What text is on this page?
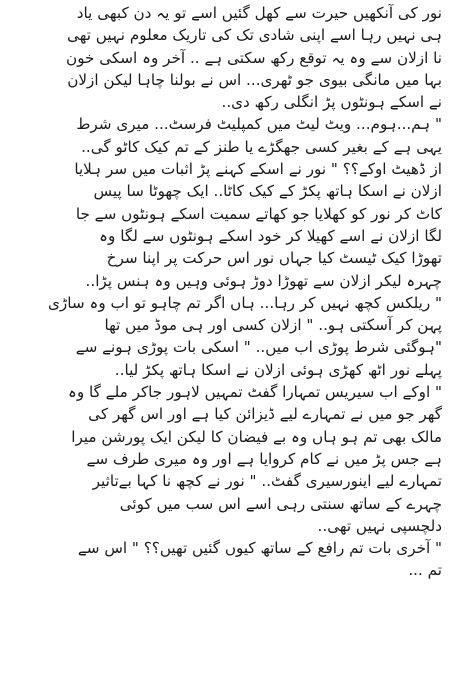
نور کی آنکھیں حیرت سے کھل گئیں اسے تو یہ دن کبھی یاد
ہی نہیں رہا اسے اپنی شادی تک کی تاریک معلوم نہیں تھی
نا ازلان سے وہ یہ توقع رکھ سکتی ہے .. آخر وہ اسکی خون
بہا میں مانگی بیوی جو ٹھری... اس نے بولنا چاہا لیکن ازلان
نے اسکے ہونٹوں پڑ انگلی رکھ دی..
" ہم...ہوم... ویٹ لیٹ میں کمپلیٹ فرسٹ... میری شرط
یہی ہے کے بغیر کسی جھگڑے یا طنز کے تم کیک کاٹو گی..
از ڈھیٹ اوکے؟؟ " نور نے اسکے کہنے پڑ اثبات میں سر ہلایا
ازلان نے اسکا ہاتھ پکڑ کے کیک کاٹا.. ایک چھوٹا سا پیس
کاٹ کر نور کو کھلایا جو کھاتے سمیت اسکے ہونٹوں سے جا
لگا ازلان نے اسے کھیلا کر خود اسکے ہونٹوں سے لگا وہ
تھوڑا کیک ٹیسٹ کیا جہاں نور اس حرکت پر اپنا سرخ
چہرہ لیکر ازلان سے تھوڑا دوڑ ہوئی وہیں وہ ہنس پڑا..
" ریلکس کچھ نہیں کر رہا... ہاں اگر تم چاہو تو اب وہ ساڑی
پہن کر آسکتی ہو.. " ازلان کسی اور ہی موڈ میں تھا
"ہوگئی شرط پوڑی اب میں.. " اسکی بات پوڑی ہونے سے
پہلے نور اٹھ کھڑی ہوئی ازلان نے اسکا ہاتھ پکڑ لیا..
" اوکے اب سیریس تمہارا گفٹ تمہیں لاہور جاکر ملے گا وہ
گھر جو میں نے تمہارے لیے ڈیزائن کیا ہے اور اس گھر کی
مالک بھی تم ہو ہاں وہ بے فیضان کا لیکن ایک پورشن میرا
ہے جس پڑ میں نے کام کروایا ہے اور وہ میری طرف سے
تمہارے لیے اینورسیری گفٹ.. " نور نے کچھ نا کہا بےتاثیر
چہرے کے ساتھ سنتی رہی اسے اس سب میں کوئی
دلچسپی نہیں تھی..
" آخری بات تم رافع کے ساتھ کیوں گئیں تھیں؟؟ " اس سے
تم ...
